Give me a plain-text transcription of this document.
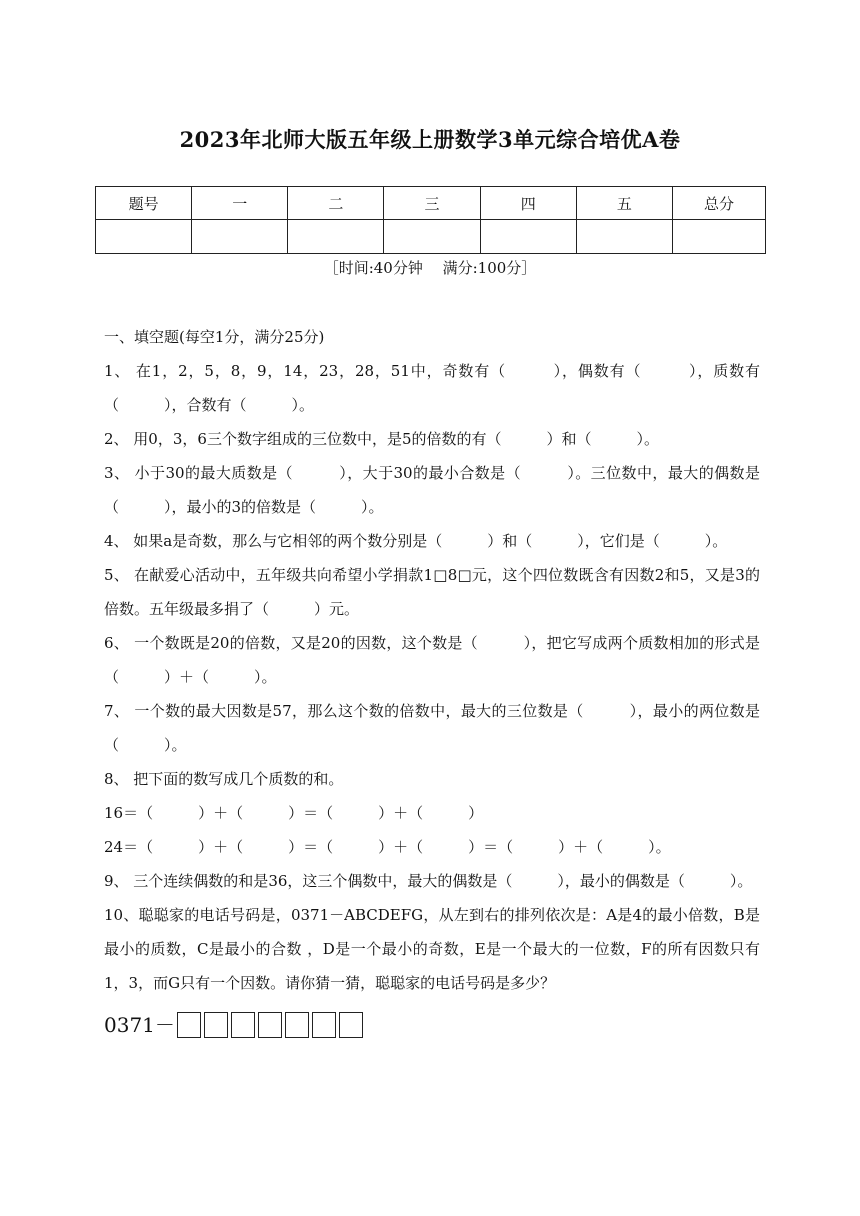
2023年北师大版五年级上册数学3单元综合培优A卷
题号	一	二	三	四	五	总分

［时间:40分钟　 满分:100分］
一、填空题(每空1分，满分25分)
1、 在1，2，5，8，9，14，23，28，51中，奇数有（　　　），偶数有（　　　），质数有（　　　），合数有（　　　）。
2、 用0，3，6三个数字组成的三位数中，是5的倍数的有（　　　）和（　　　）。
3、 小于30的最大质数是（　　　），大于30的最小合数是（　　　）。三位数中，最大的偶数是（　　　），最小的3的倍数是（　　　）。
4、 如果a是奇数，那么与它相邻的两个数分别是（　　　）和（　　　），它们是（　　　）。
5、 在献爱心活动中，五年级共向希望小学捐款1□8□元，这个四位数既含有因数2和5，又是3的倍数。五年级最多捐了（　　　）元。
6、 一个数既是20的倍数，又是20的因数，这个数是（　　　），把它写成两个质数相加的形式是（　　　）＋（　　　）。
7、 一个数的最大因数是57，那么这个数的倍数中，最大的三位数是（　　　），最小的两位数是（　　　）。
8、 把下面的数写成几个质数的和。
16＝（　　　）＋（　　　）＝（　　　）＋（　　　）
24＝（　　　）＋（　　　）＝（　　　）＋（　　　）＝（　　　）＋（　　　）。
9、 三个连续偶数的和是36，这三个偶数中，最大的偶数是（　　　），最小的偶数是（　　　）。
10、聪聪家的电话号码是，0371－ABCDEFG，从左到右的排列依次是：A是4的最小倍数，B是最小的质数，C是最小的合数 ，D是一个最小的奇数，E是一个最大的一位数，F的所有因数只有1，3，而G只有一个因数。请你猜一猜，聪聪家的电话号码是多少？
0371－
